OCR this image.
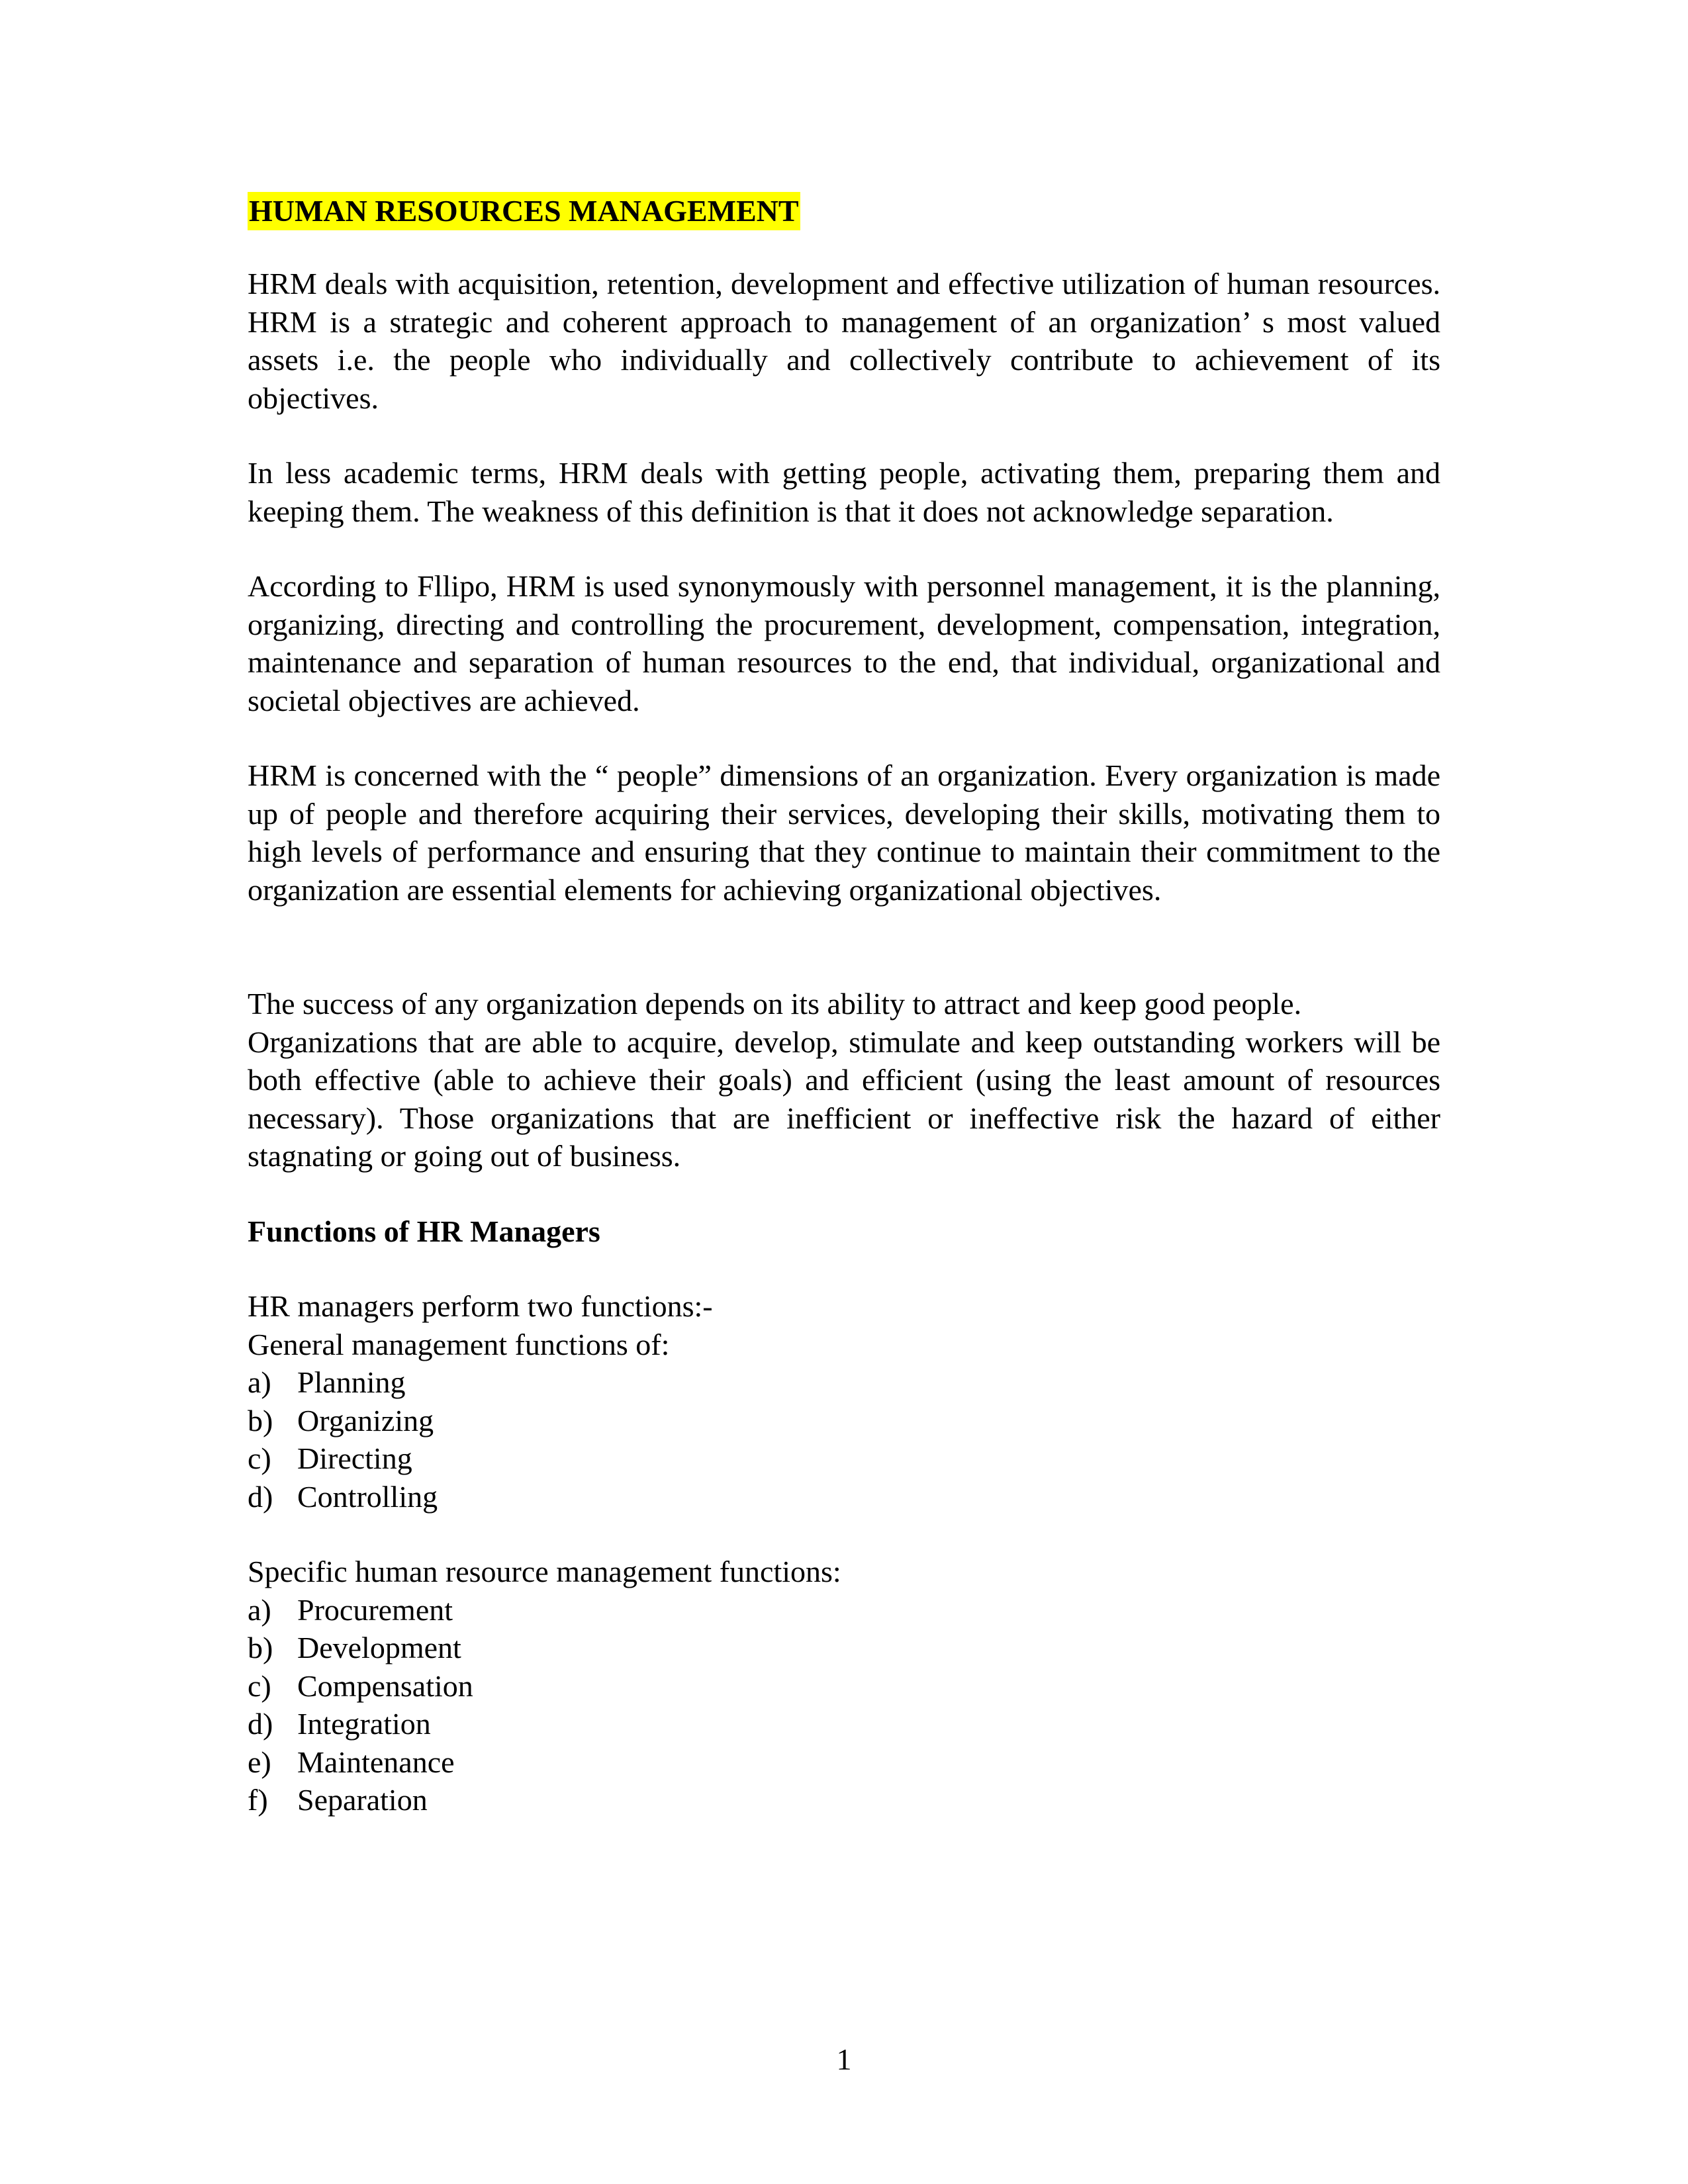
HUMAN RESOURCES MANAGEMENT

HRM deals with acquisition, retention, development and effective utilization of human resources. HRM is a strategic and coherent approach to management of an organization’ s most valued assets i.e. the people who individually and collectively contribute to achievement of its objectives.

In less academic terms, HRM deals with getting people, activating them, preparing them and keeping them. The weakness of this definition is that it does not acknowledge separation.

According to Fllipo, HRM is used synonymously with personnel management, it is the planning, organizing, directing and controlling the procurement, development, compensation, integration, maintenance and separation of human resources to the end, that individual, organizational and societal objectives are achieved.

HRM is concerned with the “ people” dimensions of an organization. Every organization is made up of people and therefore acquiring their services, developing their skills, motivating them to high levels of performance and ensuring that they continue to maintain their commitment to the organization are essential elements for achieving organizational objectives.

The success of any organization depends on its ability to attract and keep good people.

Organizations that are able to acquire, develop, stimulate and keep outstanding workers will be both effective (able to achieve their goals) and efficient (using the least amount of resources necessary). Those organizations that are inefficient or ineffective risk the hazard of either stagnating or going out of business.

Functions of HR Managers

HR managers perform two functions:-

General management functions of:

a) Planning
b) Organizing
c) Directing
d) Controlling

Specific human resource management functions:

a) Procurement
b) Development
c) Compensation
d) Integration
e) Maintenance
f) Separation
1
